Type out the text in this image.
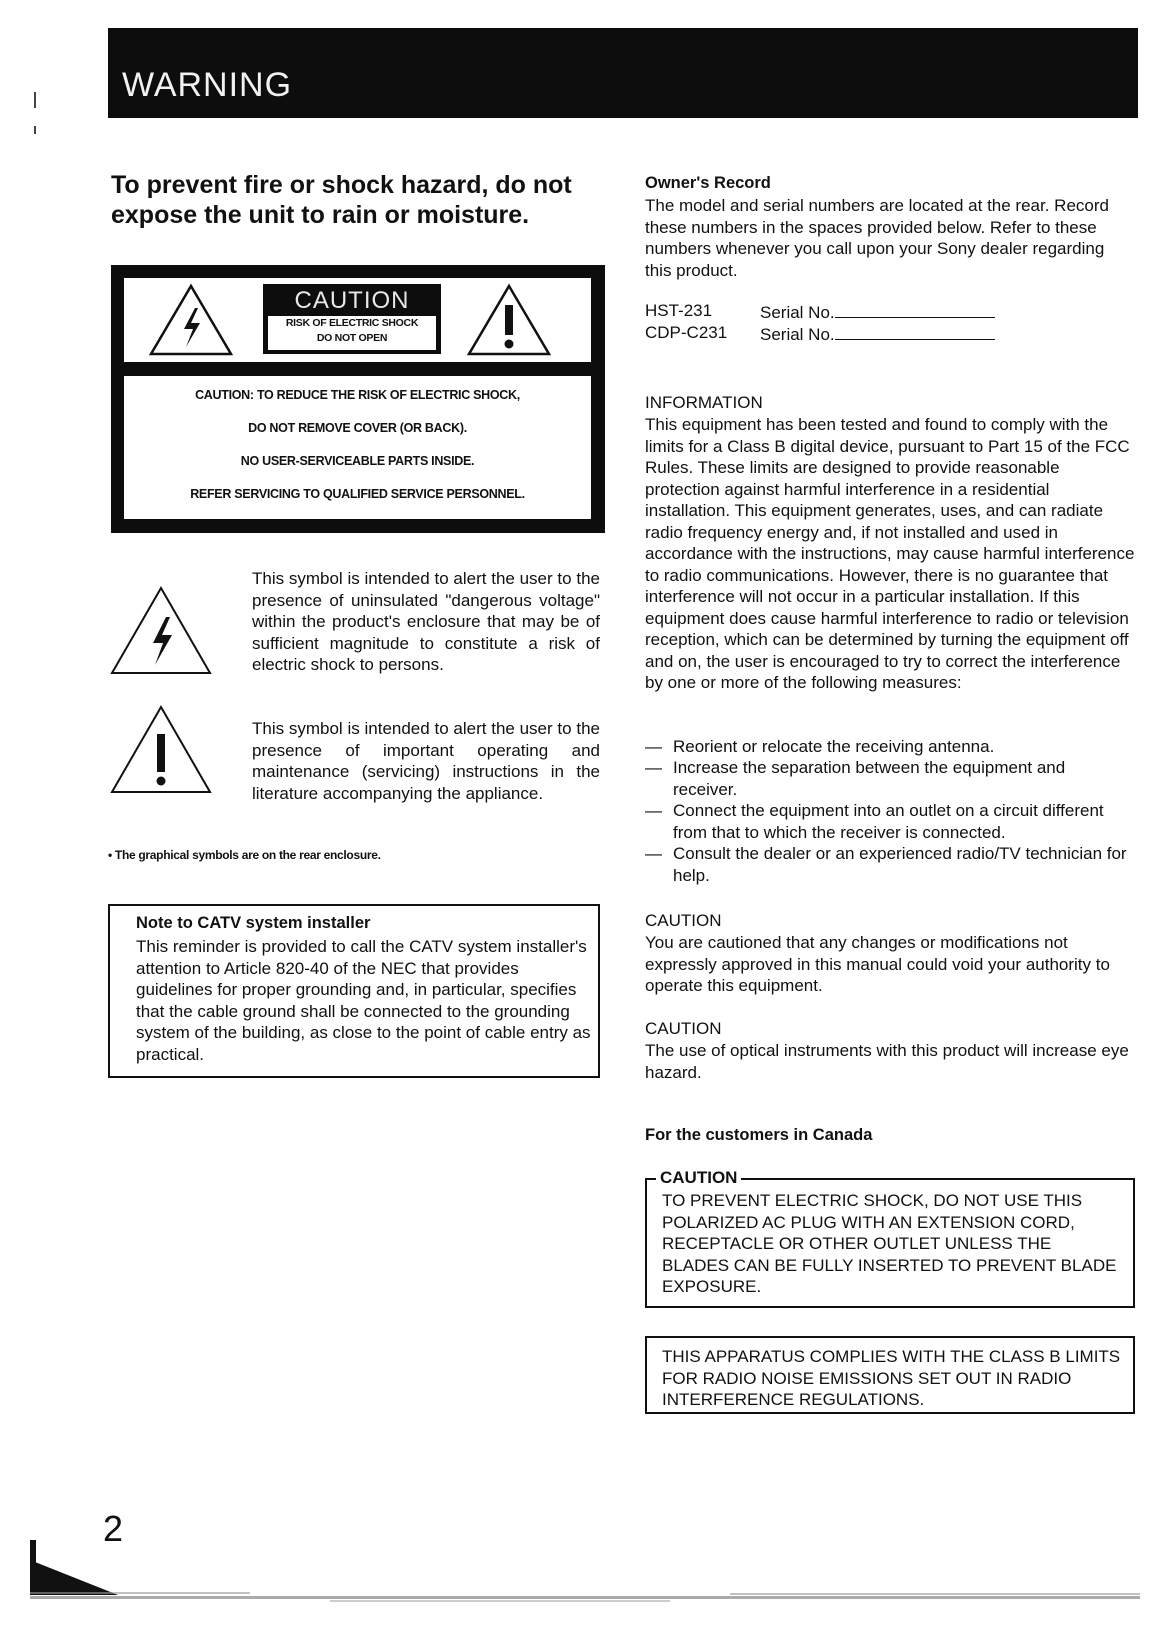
WARNING
To prevent fire or shock hazard, do not expose the unit to rain or moisture.
CAUTION
RISK OF ELECTRIC SHOCK
DO NOT OPEN
CAUTION: TO REDUCE THE RISK OF ELECTRIC SHOCK,
DO NOT REMOVE COVER (OR BACK).
NO USER-SERVICEABLE PARTS INSIDE.
REFER SERVICING TO QUALIFIED SERVICE PERSONNEL.
This symbol is intended to alert the user to the presence of uninsulated "dangerous voltage" within the product's enclosure that may be of sufficient magnitude to constitute a risk of electric shock to persons.
This symbol is intended to alert the user to the presence of important operating and maintenance (servicing) instructions in the literature accompanying the appliance.
• The graphical symbols are on the rear enclosure.
Note to CATV system installer
This reminder is provided to call the CATV system installer's attention to Article 820-40 of the NEC that provides guidelines for proper grounding and, in particular, specifies that the cable ground shall be connected to the grounding system of the building, as close to the point of cable entry as practical.
Owner's Record
The model and serial numbers are located at the rear. Record these numbers in the spaces provided below. Refer to these numbers whenever you call upon your Sony dealer regarding this product.
HST-231	Serial No.
CDP-C231 Serial No.
INFORMATION
This equipment has been tested and found to comply with the limits for a Class B digital device, pursuant to Part 15 of the FCC Rules. These limits are designed to provide reasonable protection against harmful interference in a residential installation. This equipment generates, uses, and can radiate radio frequency energy and, if not installed and used in accordance with the instructions, may cause harmful interference to radio communications. However, there is no guarantee that interference will not occur in a particular installation. If this equipment does cause harmful interference to radio or television reception, which can be determined by turning the equipment off and on, the user is encouraged to try to correct the interference by one or more of the following measures:
— Reorient or relocate the receiving antenna.
— Increase the separation between the equipment and receiver.
— Connect the equipment into an outlet on a circuit different from that to which the receiver is connected.
— Consult the dealer or an experienced radio/TV technician for help.
CAUTION
You are cautioned that any changes or modifications not expressly approved in this manual could void your authority to operate this equipment.
CAUTION
The use of optical instruments with this product will increase eye hazard.
For the customers in Canada
CAUTION
TO PREVENT ELECTRIC SHOCK, DO NOT USE THIS POLARIZED AC PLUG WITH AN EXTENSION CORD, RECEPTACLE OR OTHER OUTLET UNLESS THE BLADES CAN BE FULLY INSERTED TO PREVENT BLADE EXPOSURE.
THIS APPARATUS COMPLIES WITH THE CLASS B LIMITS FOR RADIO NOISE EMISSIONS SET OUT IN RADIO INTERFERENCE REGULATIONS.
2
